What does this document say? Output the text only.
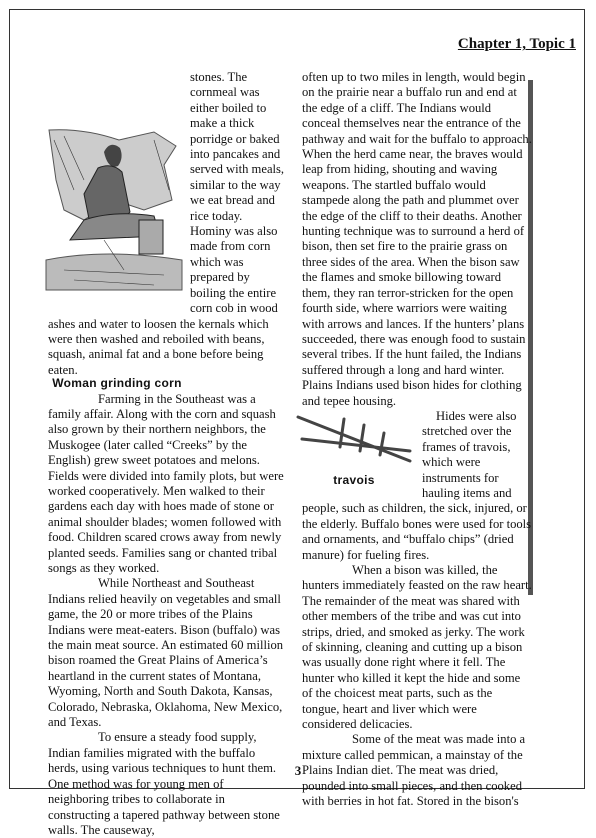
Chapter 1, Topic 1

stones. The cornmeal was either boiled to make a thick porridge or baked into pancakes and served with meals, similar to the way we eat bread and rice today. Hominy was also made from corn which was prepared by boiling the entire corn cob in wood ashes and water to loosen the kernals which were then washed and reboiled with beans, squash, animal fat and a bone before being eaten.

Woman grinding corn

Farming in the Southeast was a family affair. Along with the corn and squash also grown by their northern neighbors, the Muskogee (later called “Creeks” by the English) grew sweet potatoes and melons. Fields were divided into family plots, but were worked cooperatively. Men walked to their gardens each day with hoes made of stone or animal shoulder blades; women followed with food. Children scared crows away from newly planted seeds. Families sang or chanted tribal songs as they worked.

While Northeast and Southeast Indians relied heavily on vegetables and small game, the 20 or more tribes of the Plains Indians were meat-eaters. Bison (buffalo) was the main meat source. An estimated 60 million bison roamed the Great Plains of America’s heartland in the current states of Montana, Wyoming, North and South Dakota, Kansas, Colorado, Nebraska, Oklahoma, New Mexico, and Texas.

To ensure a steady food supply, Indian families migrated with the buffalo herds, using various techniques to hunt them. One method was for young men of neighboring tribes to collaborate in constructing a tapered pathway between stone walls. The causeway,

often up to two miles in length, would begin on the prairie near a buffalo run and end at the edge of a cliff. The Indians would conceal themselves near the entrance of the pathway and wait for the buffalo to approach. When the herd came near, the braves would leap from hiding, shouting and waving weapons. The startled buffalo would stampede along the path and plummet over the edge of the cliff to their deaths. Another hunting technique was to surround a herd of bison, then set fire to the prairie grass on three sides of the area. When the bison saw the flames and smoke billowing toward them, they ran terror-stricken for the open fourth side, where warriors were waiting with arrows and lances. If the hunters’ plans succeeded, there was enough food to sustain several tribes. If the hunt failed, the Indians suffered through a long and hard winter. Plains Indians used bison hides for clothing and tepee housing.

travois

Hides were also stretched over the frames of travois, which were instruments for hauling items and people, such as children, the sick, injured, or the elderly. Buffalo bones were used for tools and ornaments, and “buffalo chips” (dried manure) for fueling fires.

When a bison was killed, the hunters immediately feasted on the raw heart. The remainder of the meat was shared with other members of the tribe and was cut into strips, dried, and smoked as jerky. The work of skinning, cleaning and cutting up a bison was usually done right where it fell. The hunter who killed it kept the hide and some of the choicest meat parts, such as the tongue, heart and liver which were considered delicacies.

Some of the meat was made into a mixture called pemmican, a mainstay of the Plains Indian diet. The meat was dried, pounded into small pieces, and then cooked with berries in hot fat. Stored in the bison's

3
